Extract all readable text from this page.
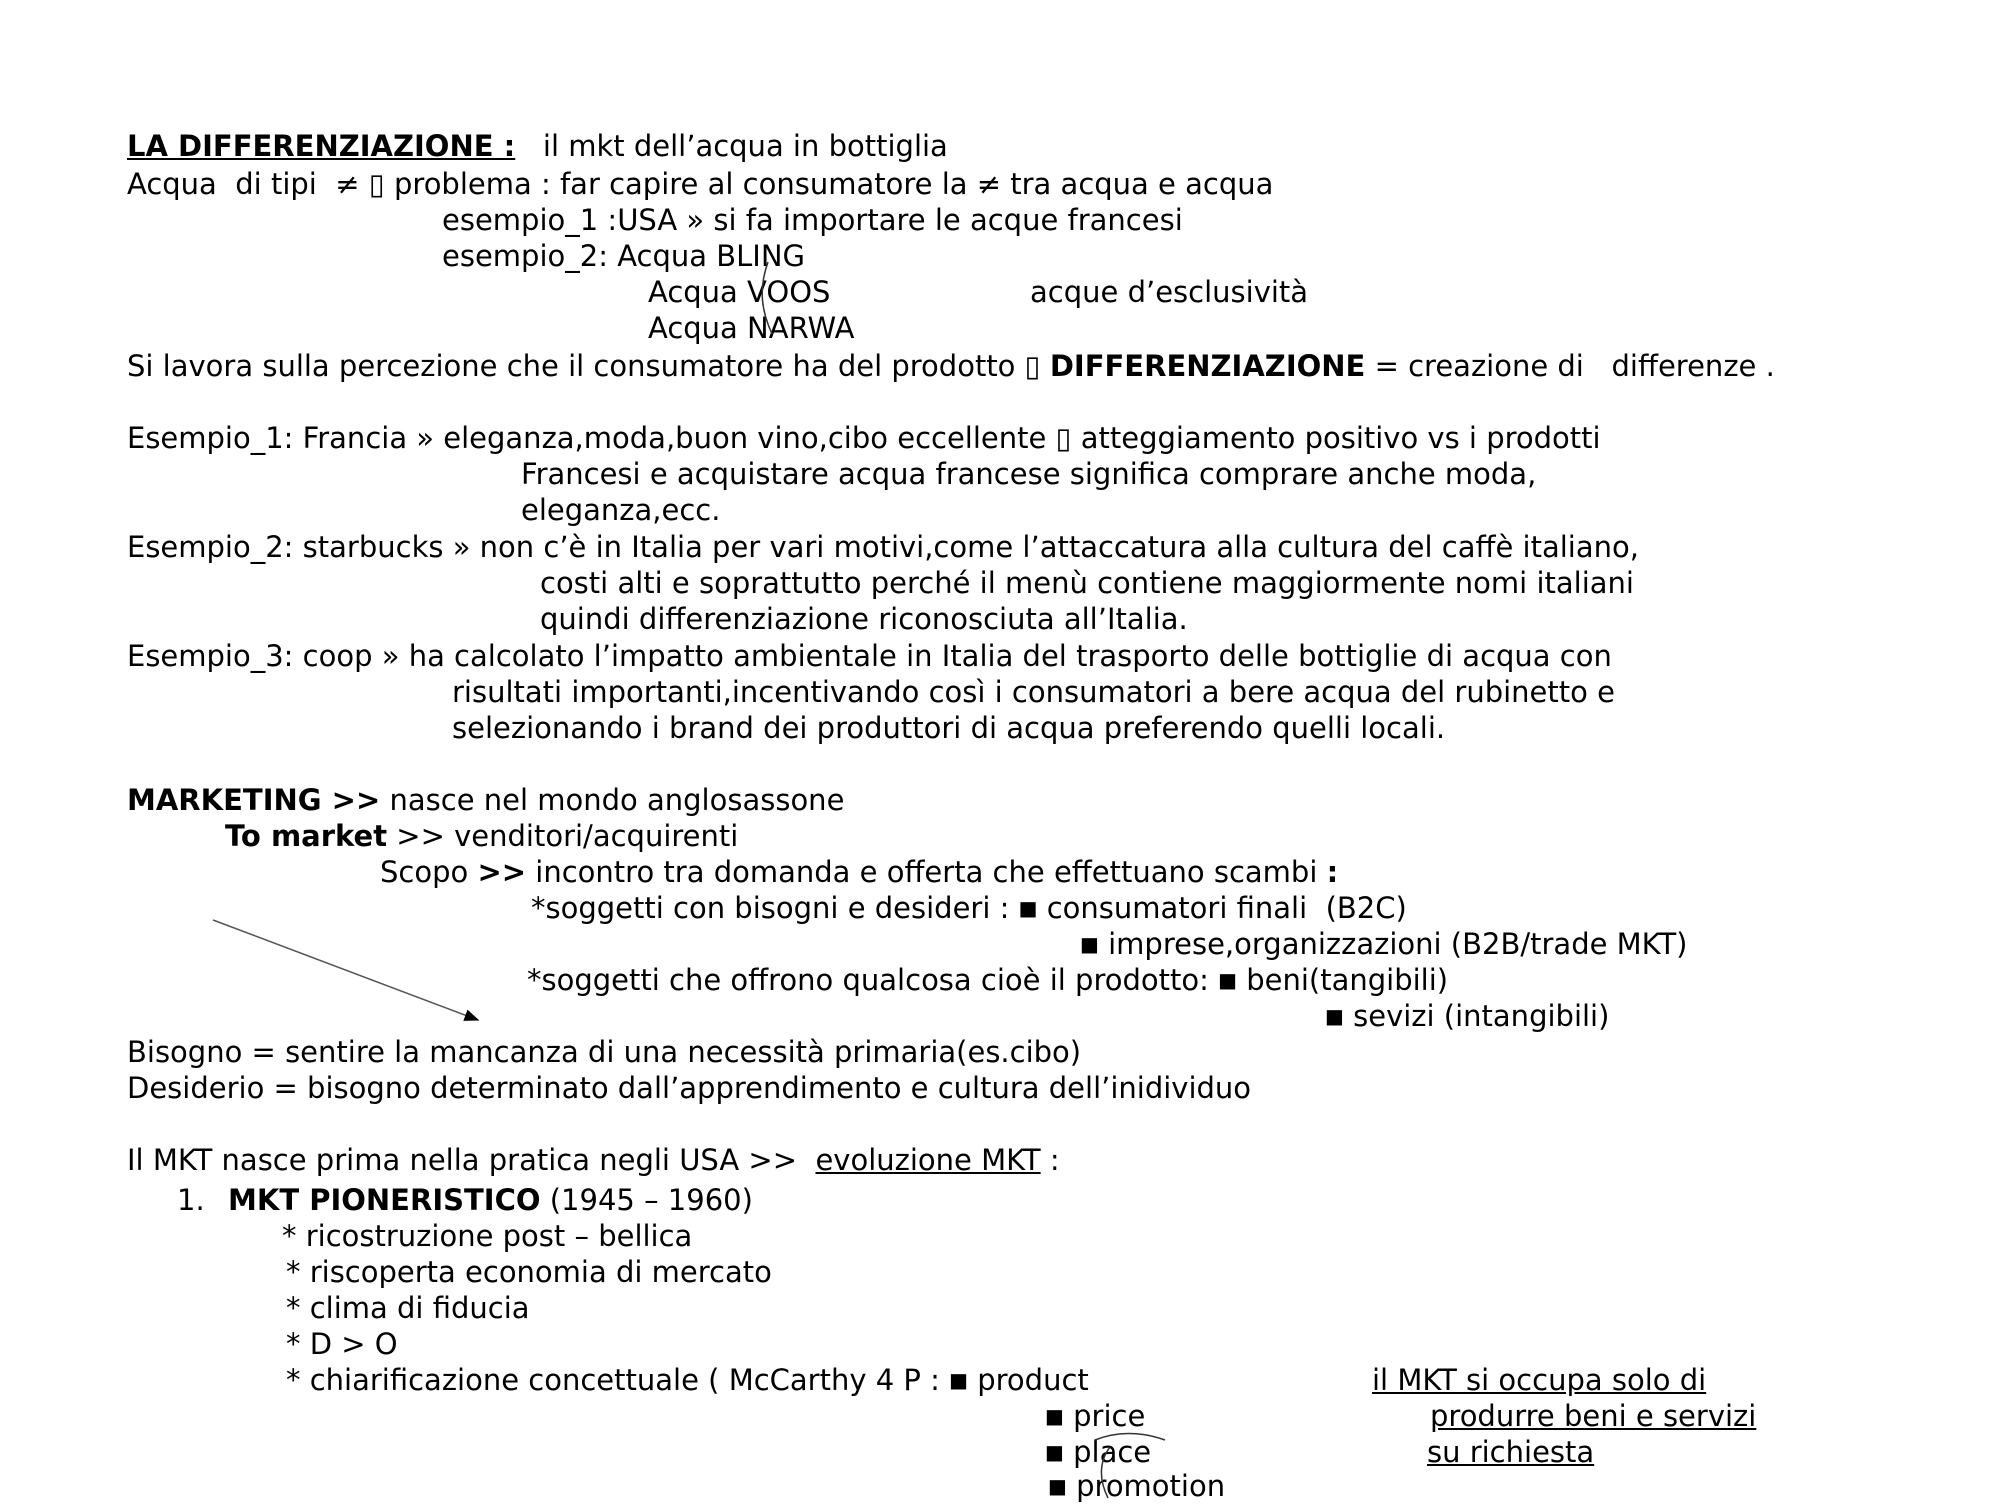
LA DIFFERENZIAZIONE : il mkt dell’acqua in bottiglia
Acqua  di tipi  ≠ ▯ problema : far capire al consumatore la ≠ tra acqua e acqua
esempio_1 :USA » si fa importare le acque francesi
esempio_2: Acqua BLING
Acqua VOOS	acque d’esclusività
Acqua NARWA
Si lavora sulla percezione che il consumatore ha del prodotto ▯ DIFFERENZIAZIONE = creazione di   differenze .
Esempio_1: Francia » eleganza,moda,buon vino,cibo eccellente ▯ atteggiamento positivo vs i prodotti
Francesi e acquistare acqua francese significa comprare anche moda,
eleganza,ecc.
Esempio_2: starbucks » non c’è in Italia per vari motivi,come l’attaccatura alla cultura del caffè italiano,
costi alti e soprattutto perché il menù contiene maggiormente nomi italiani
quindi differenziazione riconosciuta all’Italia.
Esempio_3: coop » ha calcolato l’impatto ambientale in Italia del trasporto delle bottiglie di acqua con
risultati importanti,incentivando così i consumatori a bere acqua del rubinetto e
selezionando i brand dei produttori di acqua preferendo quelli locali.
MARKETING >> nasce nel mondo anglosassone
To market >> venditori/acquirenti
Scopo >> incontro tra domanda e offerta che effettuano scambi :
*soggetti con bisogni e desideri : ■ consumatori finali  (B2C)
■ imprese,organizzazioni (B2B/trade MKT)
*soggetti che offrono qualcosa cioè il prodotto: ■ beni(tangibili)
■ sevizi (intangibili)
Bisogno = sentire la mancanza di una necessità primaria(es.cibo)
Desiderio = bisogno determinato dall’apprendimento e cultura dell’inidividuo
Il MKT nasce prima nella pratica negli USA >>  evoluzione MKT :
1. MKT PIONERISTICO (1945 – 1960)
* ricostruzione post – bellica
* riscoperta economia di mercato
* clima di fiducia
* D > O
* chiarificazione concettuale ( McCarthy 4 P : ■ product
■ price
■ place
■ promotion
il MKT si occupa solo di
produrre beni e servizi
su richiesta
